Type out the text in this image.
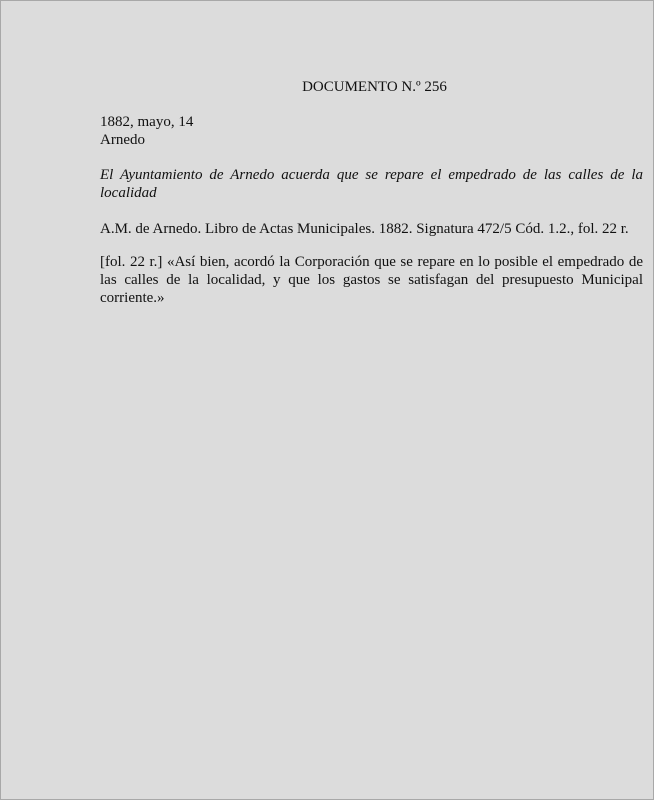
DOCUMENTO N.º 256

1882, mayo, 14

Arnedo

El Ayuntamiento de Arnedo acuerda que se repare el empedrado de las calles de la localidad

A.M. de Arnedo. Libro de Actas Municipales. 1882. Signatura 472/5 Cód. 1.2., fol. 22 r.

[fol. 22 r.] «Así bien, acordó la Corporación que se repare en lo posible el empedrado de las calles de la localidad, y que los gastos se satisfagan del presupuesto Municipal corriente.»
